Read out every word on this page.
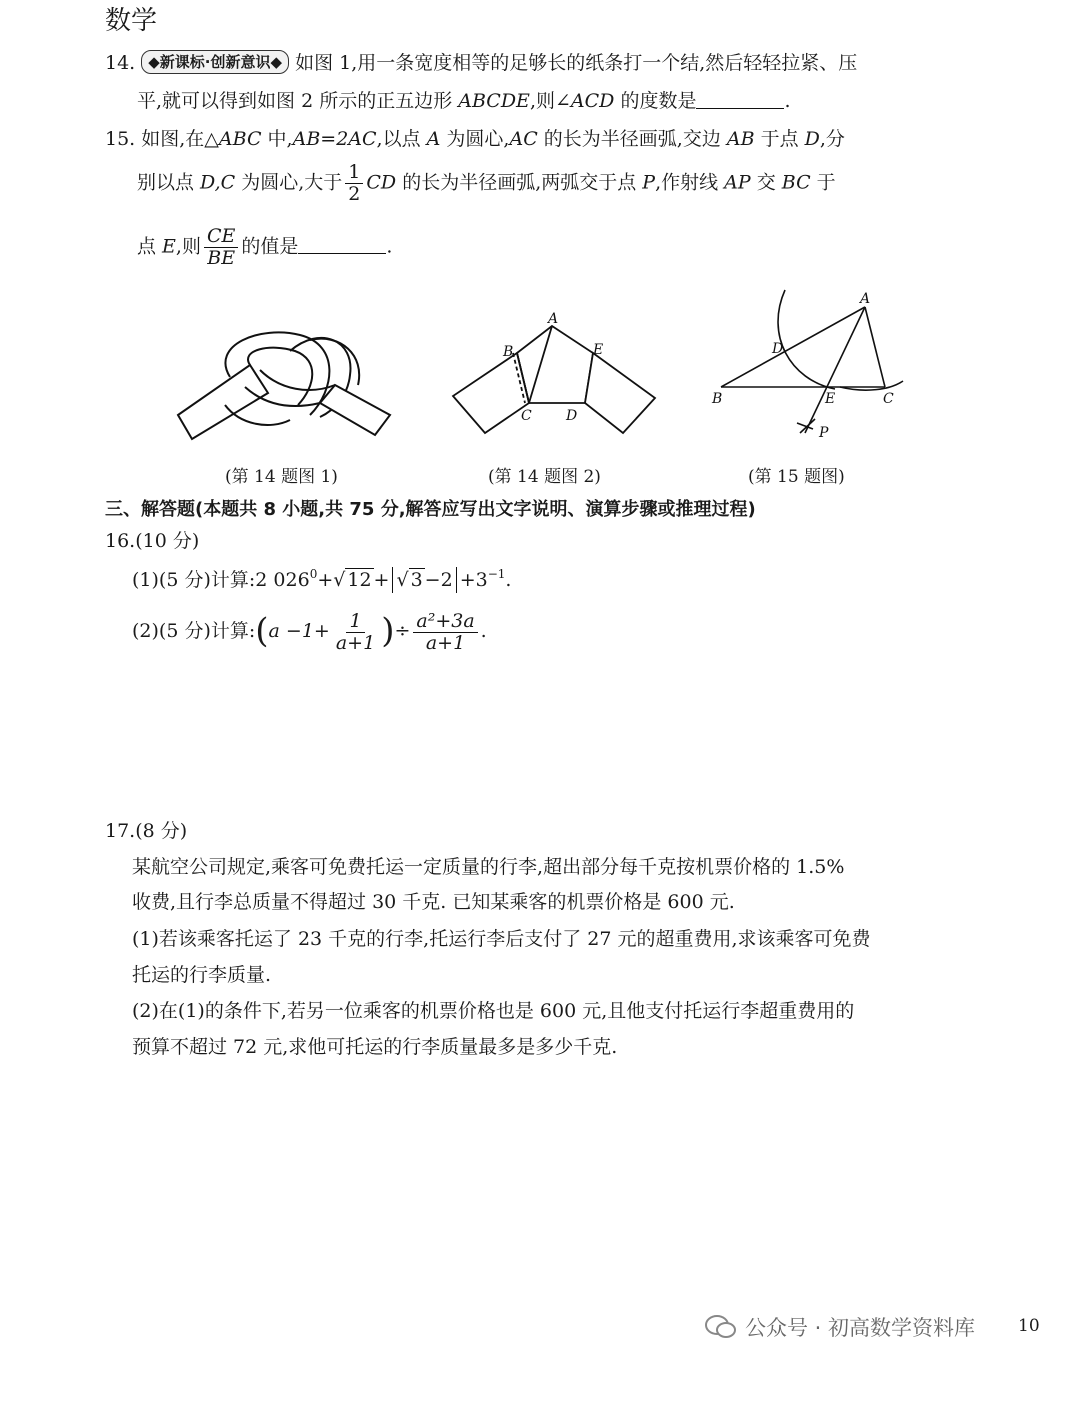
数学
14. ◆新课标·创新意识◆ 如图 1,用一条宽度相等的足够长的纸条打一个结,然后轻轻拉紧、压
平,就可以得到如图 2 所示的正五边形 ABCDE,则∠ACD 的度数是	.
15. 如图,在△ABC 中,AB=2AC,以点 A 为圆心,AC 的长为半径画弧,交边 AB 于点 D,分
别以点 D,C 为圆心,大于 $\frac{1}{2}$ CD 的长为半径画弧,两弧交于点 P,作射线 AP 交 BC 于
点 E,则 $\frac{CE}{BE}$ 的值是	.
A
B
C D
E
A
B	C
D
E
P
(第 14 题图 1)	(第 14 题图 2)	(第 15 题图)
三、解答题(本题共 8 小题,共 75 分,解答应写出文字说明、演算步骤或推理过程)
16.(10 分)
(1)(5 分)计算:2 $026^0+√$ 12 + √ $3 -2 +3^{-1}$.
(2)(5 分)计算:(a $-1+ \frac{1}{a+1}$ )÷ $\frac{\text{a²+3a}}{a+1}$ .
17.(8 分)
某航空公司规定,乘客可免费托运一定质量的行李,超出部分每千克按机票价格的 1.5%
收费,且行李总质量不得超过 30 千克. 已知某乘客的机票价格是 600 元.
(1)若该乘客托运了 23 千克的行李,托运行李后支付了 27 元的超重费用,求该乘客可免费
托运的行李质量.
(2)在(1)的条件下,若另一位乘客的机票价格也是 600 元,且他支付托运行李超重费用的
预算不超过 72 元,求他可托运的行李质量最多是多少千克.
公众号 · 初高数学资料库	10
